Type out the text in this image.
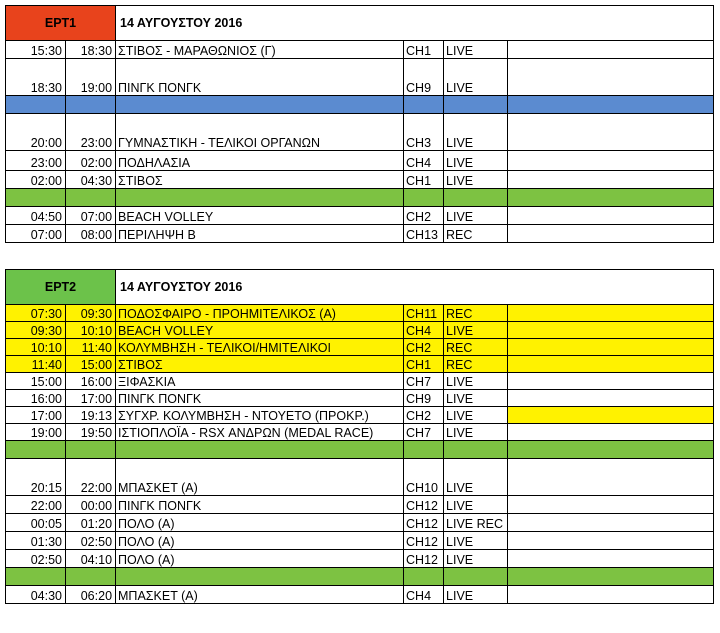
ΕΡΤ1		14 ΑΥΓΟΥΣΤΟΥ 2016			
15:30	18:30	ΣΤΙΒΟΣ - ΜΑΡΑΘΩΝΙΟΣ (Γ)	CH1	LIVE	
18:30	19:00	ΠΙΝΓΚ ΠΟΝΓΚ	CH9	LIVE	

20:00	23:00	ΓΥΜΝΑΣΤΙΚΗ - ΤΕΛΙΚΟΙ ΟΡΓΑΝΩΝ	CH3	LIVE	
23:00	02:00	ΠΟΔΗΛΑΣΙΑ	CH4	LIVE	
02:00	04:30	ΣΤΙΒΟΣ	CH1	LIVE	

04:50	07:00	BEACH VOLLEY	CH2	LIVE	
07:00	08:00	ΠΕΡΙΛΗΨΗ Β	CH13	REC	
ΕΡΤ2		14 ΑΥΓΟΥΣΤΟΥ 2016			
07:30	09:30	ΠΟΔΟΣΦΑΙΡΟ - ΠΡΟΗΜΙΤΕΛΙΚΟΣ (Α)	CH11	REC	
09:30	10:10	BEACH VOLLEY	CH4	LIVE	
10:10	11:40	ΚΟΛΥΜΒΗΣΗ - ΤΕΛΙΚΟΙ/ΗΜΙΤΕΛΙΚΟΙ	CH2	REC	
11:40	15:00	ΣΤΙΒΟΣ	CH1	REC	
15:00	16:00	ΞΙΦΑΣΚΙΑ	CH7	LIVE	
16:00	17:00	ΠΙΝΓΚ ΠΟΝΓΚ	CH9	LIVE	
17:00	19:13	ΣΥΓΧΡ. ΚΟΛΥΜΒΗΣΗ - ΝΤΟΥΕΤΟ (ΠΡΟΚΡ.)	CH2	LIVE	
19:00	19:50	ΙΣΤΙΟΠΛΟΪΑ - RSX ΑΝΔΡΩΝ (MEDAL RACE)	CH7	LIVE	

20:15	22:00	ΜΠΑΣΚΕΤ (Α)	CH10	LIVE	
22:00	00:00	ΠΙΝΓΚ ΠΟΝΓΚ	CH12	LIVE	
00:05	01:20	ΠΟΛΟ (Α)	CH12	LIVE REC	
01:30	02:50	ΠΟΛΟ (Α)	CH12	LIVE	
02:50	04:10	ΠΟΛΟ (Α)	CH12	LIVE	

04:30	06:20	ΜΠΑΣΚΕΤ (Α)	CH4	LIVE	
